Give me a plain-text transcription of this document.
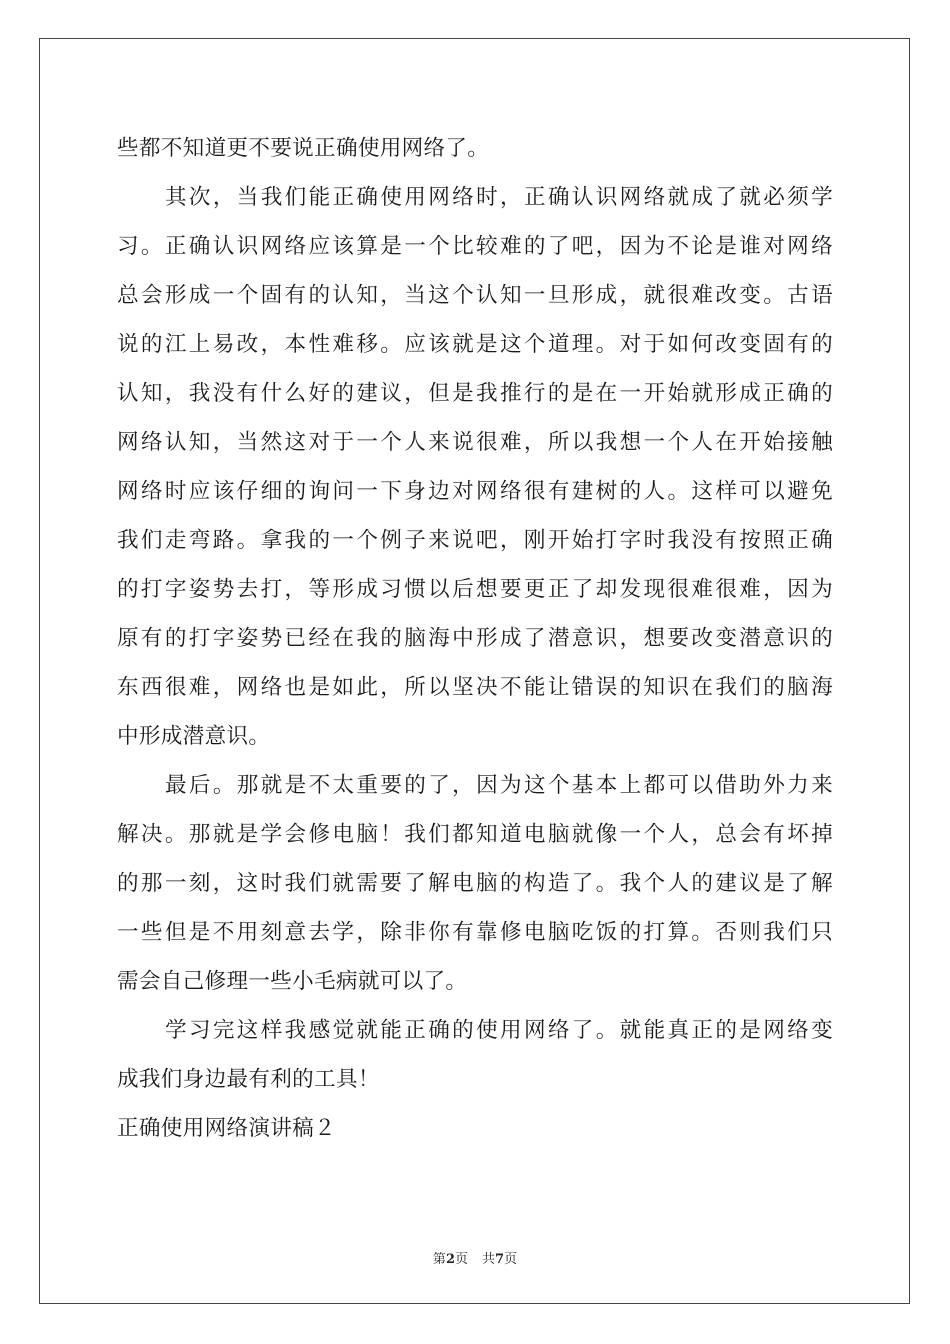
些都不知道更不要说正确使用网络了。
其次，当我们能正确使用网络时，正确认识网络就成了就必须学
习。正确认识网络应该算是一个比较难的了吧，因为不论是谁对网络
总会形成一个固有的认知，当这个认知一旦形成，就很难改变。古语
说的江上易改，本性难移。应该就是这个道理。对于如何改变固有的
认知，我没有什么好的建议，但是我推行的是在一开始就形成正确的
网络认知，当然这对于一个人来说很难，所以我想一个人在开始接触
网络时应该仔细的询问一下身边对网络很有建树的人。这样可以避免
我们走弯路。拿我的一个例子来说吧，刚开始打字时我没有按照正确
的打字姿势去打，等形成习惯以后想要更正了却发现很难很难，因为
原有的打字姿势已经在我的脑海中形成了潜意识，想要改变潜意识的
东西很难，网络也是如此，所以坚决不能让错误的知识在我们的脑海
中形成潜意识。
最后。那就是不太重要的了，因为这个基本上都可以借助外力来
解决。那就是学会修电脑！我们都知道电脑就像一个人，总会有坏掉
的那一刻，这时我们就需要了解电脑的构造了。我个人的建议是了解
一些但是不用刻意去学，除非你有靠修电脑吃饭的打算。否则我们只
需会自己修理一些小毛病就可以了。
学习完这样我感觉就能正确的使用网络了。就能真正的是网络变
成我们身边最有利的工具！
正确使用网络演讲稿２
第2页 共7页
